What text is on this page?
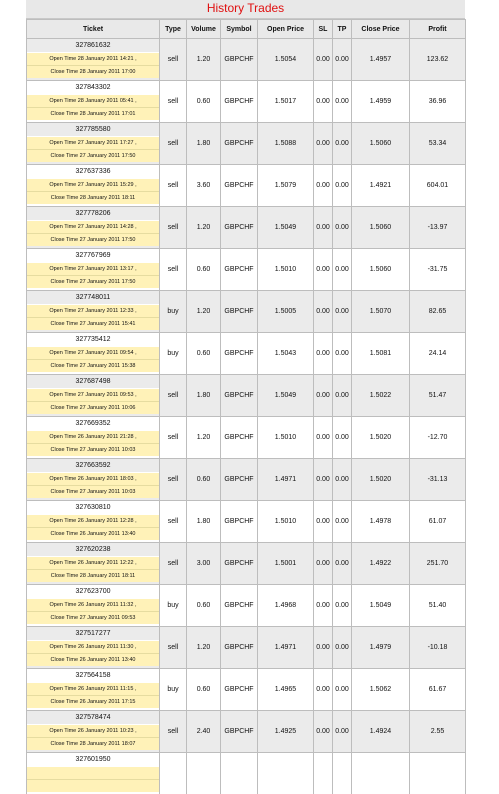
History Trades
Ticket	Type	Volume	Symbol	Open Price	SL	TP	Close Price	Profit

327861632
Open Time 28 January 2011 14:21 ,
Close Time 28 January 2011 17:00	sell	1.20	GBPCHF	1.5054	0.00	0.00	1.4957	123.62

327843302
Open Time 28 January 2011 05:41 ,
Close Time 28 January 2011 17:01	sell	0.60	GBPCHF	1.5017	0.00	0.00	1.4959	36.96

327785580
Open Time 27 January 2011 17:27 ,
Close Time 27 January 2011 17:50	sell	1.80	GBPCHF	1.5088	0.00	0.00	1.5060	53.34

327637336
Open Time 27 January 2011 15:29 ,
Close Time 28 January 2011 18:11	sell	3.60	GBPCHF	1.5079	0.00	0.00	1.4921	604.01

327778206
Open Time 27 January 2011 14:28 ,
Close Time 27 January 2011 17:50	sell	1.20	GBPCHF	1.5049	0.00	0.00	1.5060	-13.97

327767969
Open Time 27 January 2011 13:17 ,
Close Time 27 January 2011 17:50	sell	0.60	GBPCHF	1.5010	0.00	0.00	1.5060	-31.75

327748011
Open Time 27 January 2011 12:33 ,
Close Time 27 January 2011 15:41	buy	1.20	GBPCHF	1.5005	0.00	0.00	1.5070	82.65

327735412
Open Time 27 January 2011 09:54 ,
Close Time 27 January 2011 15:38	buy	0.60	GBPCHF	1.5043	0.00	0.00	1.5081	24.14

327687498
Open Time 27 January 2011 09:53 ,
Close Time 27 January 2011 10:06	sell	1.80	GBPCHF	1.5049	0.00	0.00	1.5022	51.47

327669352
Open Time 26 January 2011 21:28 ,
Close Time 27 January 2011 10:03	sell	1.20	GBPCHF	1.5010	0.00	0.00	1.5020	-12.70

327663592
Open Time 26 January 2011 18:03 ,
Close Time 27 January 2011 10:03	sell	0.60	GBPCHF	1.4971	0.00	0.00	1.5020	-31.13

327630810
Open Time 26 January 2011 12:28 ,
Close Time 26 January 2011 13:40	sell	1.80	GBPCHF	1.5010	0.00	0.00	1.4978	61.07

327620238
Open Time 26 January 2011 12:22 ,
Close Time 28 January 2011 18:11	sell	3.00	GBPCHF	1.5001	0.00	0.00	1.4922	251.70

327623700
Open Time 26 January 2011 11:32 ,
Close Time 27 January 2011 09:53	buy	0.60	GBPCHF	1.4968	0.00	0.00	1.5049	51.40

327517277
Open Time 26 January 2011 11:30 ,
Close Time 26 January 2011 13:40	sell	1.20	GBPCHF	1.4971	0.00	0.00	1.4979	-10.18

327564158
Open Time 26 January 2011 11:15 ,
Close Time 26 January 2011 17:15	buy	0.60	GBPCHF	1.4965	0.00	0.00	1.5062	61.67

327578474
Open Time 26 January 2011 10:23 ,
Close Time 28 January 2011 18:07	sell	2.40	GBPCHF	1.4925	0.00	0.00	1.4924	2.55

327601950								
